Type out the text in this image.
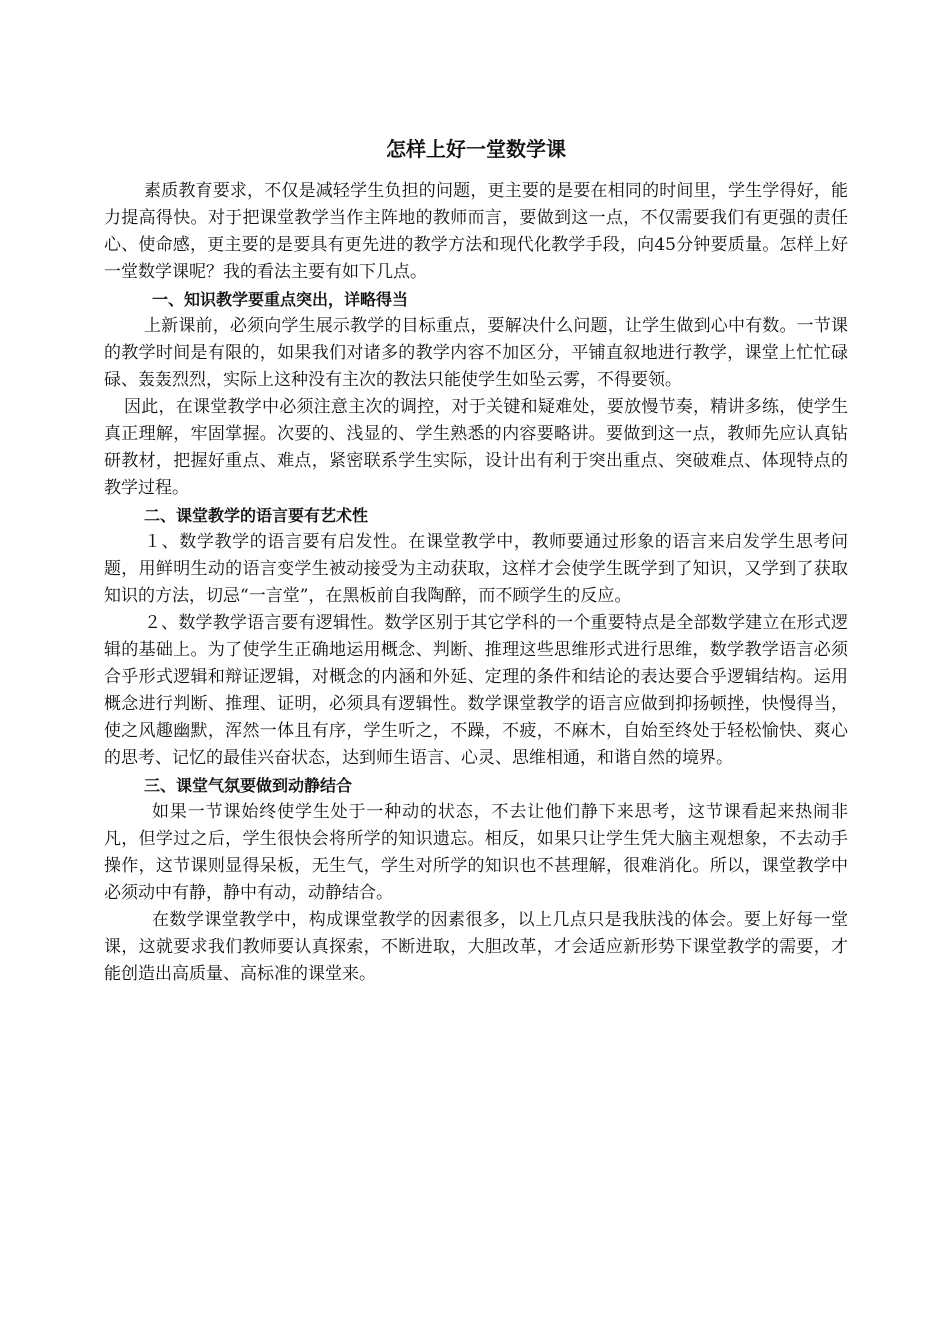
怎样上好一堂数学课

素质教育要求，不仅是减轻学生负担的问题，更主要的是要在相同的时间里，学生学得好，能力提高得快。对于把课堂教学当作主阵地的教师而言，要做到这一点，不仅需要我们有更强的责任心、使命感，更主要的是要具有更先进的教学方法和现代化教学手段，向45分钟要质量。怎样上好一堂数学课呢？我的看法主要有如下几点。

一、知识教学要重点突出，详略得当

上新课前，必须向学生展示教学的目标重点，要解决什么问题，让学生做到心中有数。一节课的教学时间是有限的，如果我们对诸多的教学内容不加区分，平铺直叙地进行教学，课堂上忙忙碌碌、轰轰烈烈，实际上这种没有主次的教法只能使学生如坠云雾，不得要领。

因此，在课堂教学中必须注意主次的调控，对于关键和疑难处，要放慢节奏，精讲多练，使学生真正理解，牢固掌握。次要的、浅显的、学生熟悉的内容要略讲。要做到这一点，教师先应认真钻研教材，把握好重点、难点，紧密联系学生实际，设计出有利于突出重点、突破难点、体现特点的教学过程。

二、课堂教学的语言要有艺术性

１、数学教学的语言要有启发性。在课堂教学中，教师要通过形象的语言来启发学生思考问题，用鲜明生动的语言变学生被动接受为主动获取，这样才会使学生既学到了知识，又学到了获取知识的方法，切忌“一言堂”，在黑板前自我陶醉，而不顾学生的反应。

２、数学教学语言要有逻辑性。数学区别于其它学科的一个重要特点是全部数学建立在形式逻辑的基础上。为了使学生正确地运用概念、判断、推理这些思维形式进行思维，数学教学语言必须合乎形式逻辑和辩证逻辑，对概念的内涵和外延、定理的条件和结论的表达要合乎逻辑结构。运用概念进行判断、推理、证明，必须具有逻辑性。数学课堂教学的语言应做到抑扬顿挫，快慢得当，使之风趣幽默，浑然一体且有序，学生听之，不躁，不疲，不麻木，自始至终处于轻松愉快、爽心的思考、记忆的最佳兴奋状态，达到师生语言、心灵、思维相通，和谐自然的境界。

三、课堂气氛要做到动静结合

如果一节课始终使学生处于一种动的状态，不去让他们静下来思考，这节课看起来热闹非凡，但学过之后，学生很快会将所学的知识遗忘。相反，如果只让学生凭大脑主观想象，不去动手操作，这节课则显得呆板，无生气，学生对所学的知识也不甚理解，很难消化。所以，课堂教学中必须动中有静，静中有动，动静结合。

在数学课堂教学中，构成课堂教学的因素很多，以上几点只是我肤浅的体会。要上好每一堂课，这就要求我们教师要认真探索，不断进取，大胆改革，才会适应新形势下课堂教学的需要，才能创造出高质量、高标准的课堂来。
